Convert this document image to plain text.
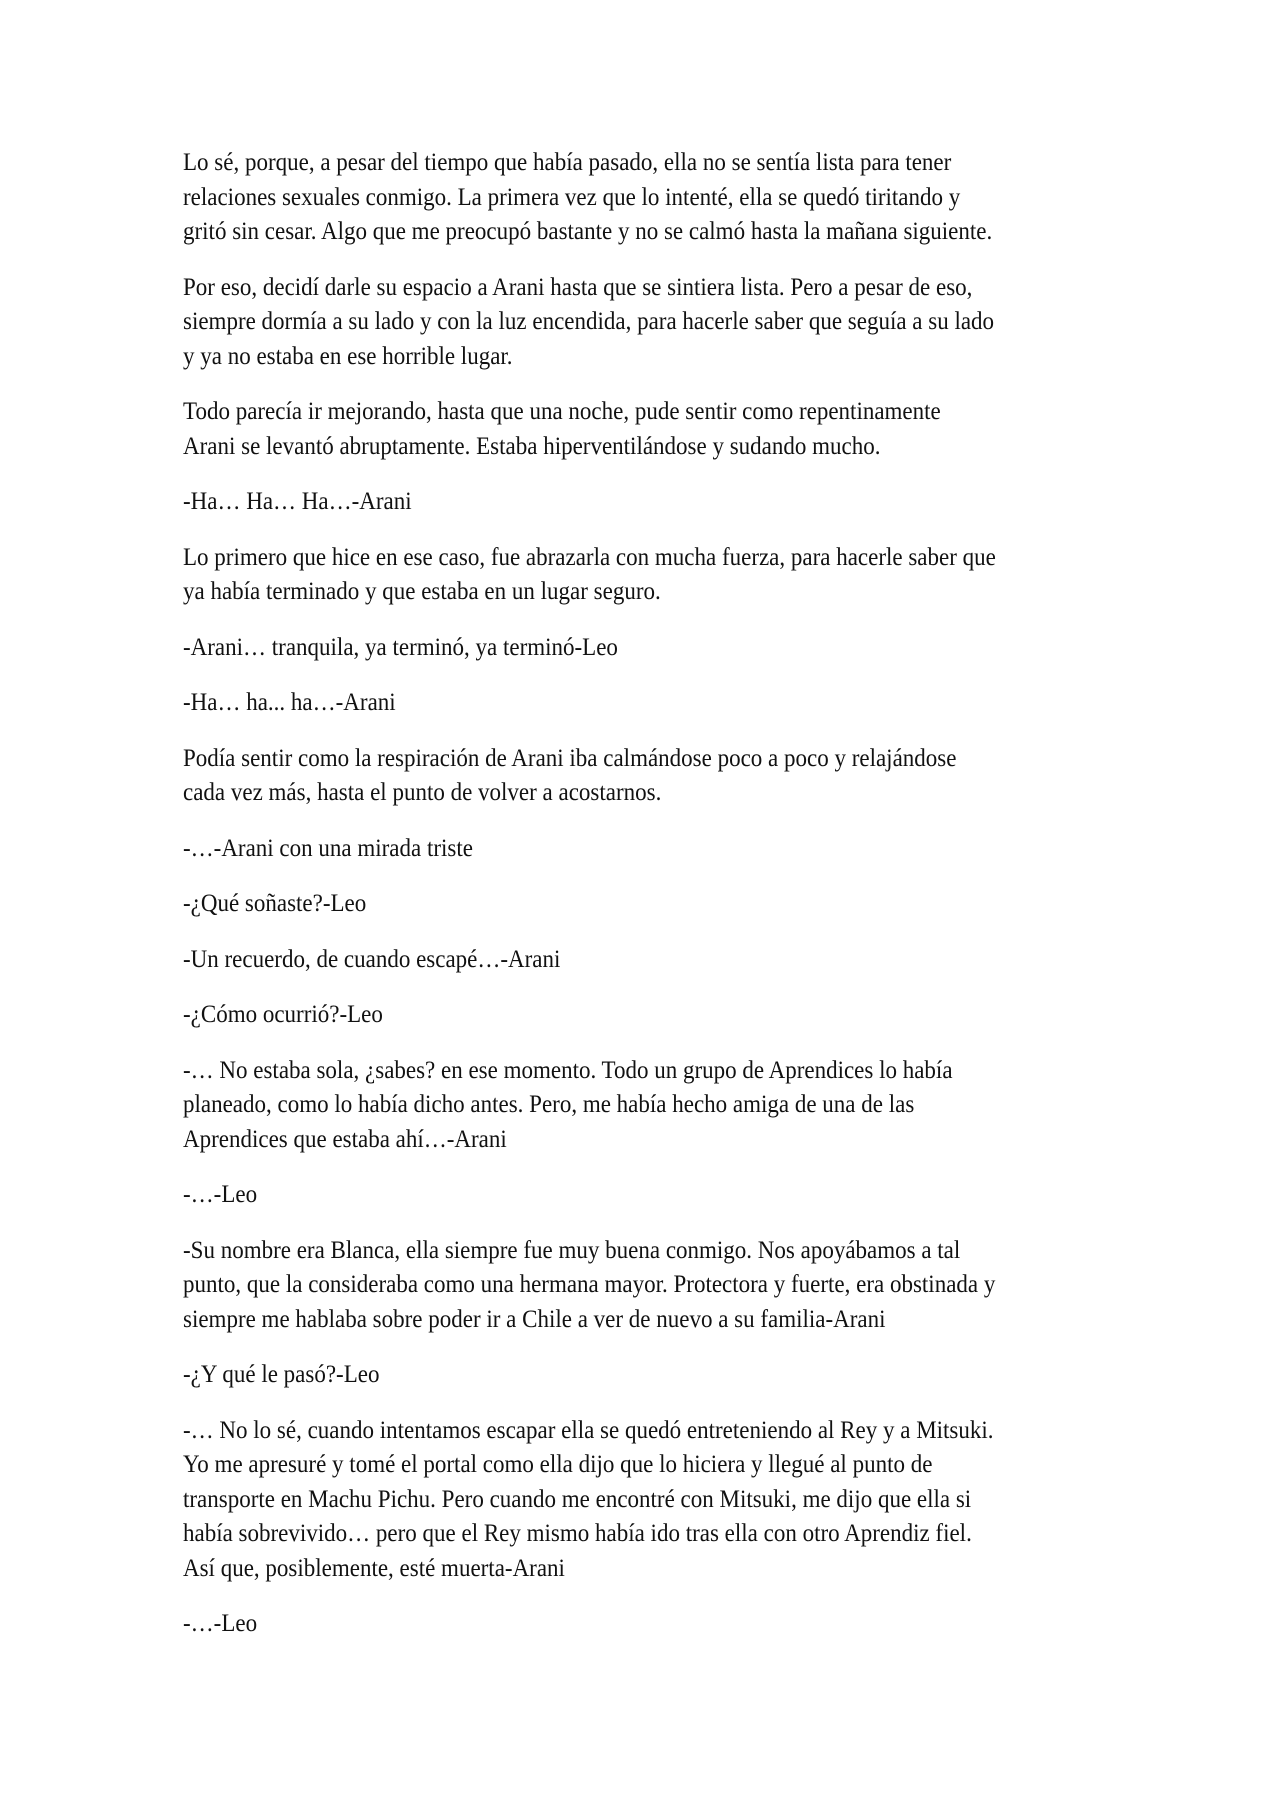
Lo sé, porque, a pesar del tiempo que había pasado, ella no se sentía lista para tener
relaciones sexuales conmigo. La primera vez que lo intenté, ella se quedó tiritando y
gritó sin cesar. Algo que me preocupó bastante y no se calmó hasta la mañana siguiente.
Por eso, decidí darle su espacio a Arani hasta que se sintiera lista. Pero a pesar de eso,
siempre dormía a su lado y con la luz encendida, para hacerle saber que seguía a su lado
y ya no estaba en ese horrible lugar.
Todo parecía ir mejorando, hasta que una noche, pude sentir como repentinamente
Arani se levantó abruptamente. Estaba hiperventilándose y sudando mucho.
-Ha… Ha… Ha…-Arani
Lo primero que hice en ese caso, fue abrazarla con mucha fuerza, para hacerle saber que
ya había terminado y que estaba en un lugar seguro.
-Arani… tranquila, ya terminó, ya terminó-Leo
-Ha… ha... ha…-Arani
Podía sentir como la respiración de Arani iba calmándose poco a poco y relajándose
cada vez más, hasta el punto de volver a acostarnos.
-…-Arani con una mirada triste
-¿Qué soñaste?-Leo
-Un recuerdo, de cuando escapé…-Arani
-¿Cómo ocurrió?-Leo
-… No estaba sola, ¿sabes? en ese momento. Todo un grupo de Aprendices lo había
planeado, como lo había dicho antes. Pero, me había hecho amiga de una de las
Aprendices que estaba ahí…-Arani
-…-Leo
-Su nombre era Blanca, ella siempre fue muy buena conmigo. Nos apoyábamos a tal
punto, que la consideraba como una hermana mayor. Protectora y fuerte, era obstinada y
siempre me hablaba sobre poder ir a Chile a ver de nuevo a su familia-Arani
-¿Y qué le pasó?-Leo
-… No lo sé, cuando intentamos escapar ella se quedó entreteniendo al Rey y a Mitsuki.
Yo me apresuré y tomé el portal como ella dijo que lo hiciera y llegué al punto de
transporte en Machu Pichu. Pero cuando me encontré con Mitsuki, me dijo que ella si
había sobrevivido… pero que el Rey mismo había ido tras ella con otro Aprendiz fiel.
Así que, posiblemente, esté muerta-Arani
-…-Leo
